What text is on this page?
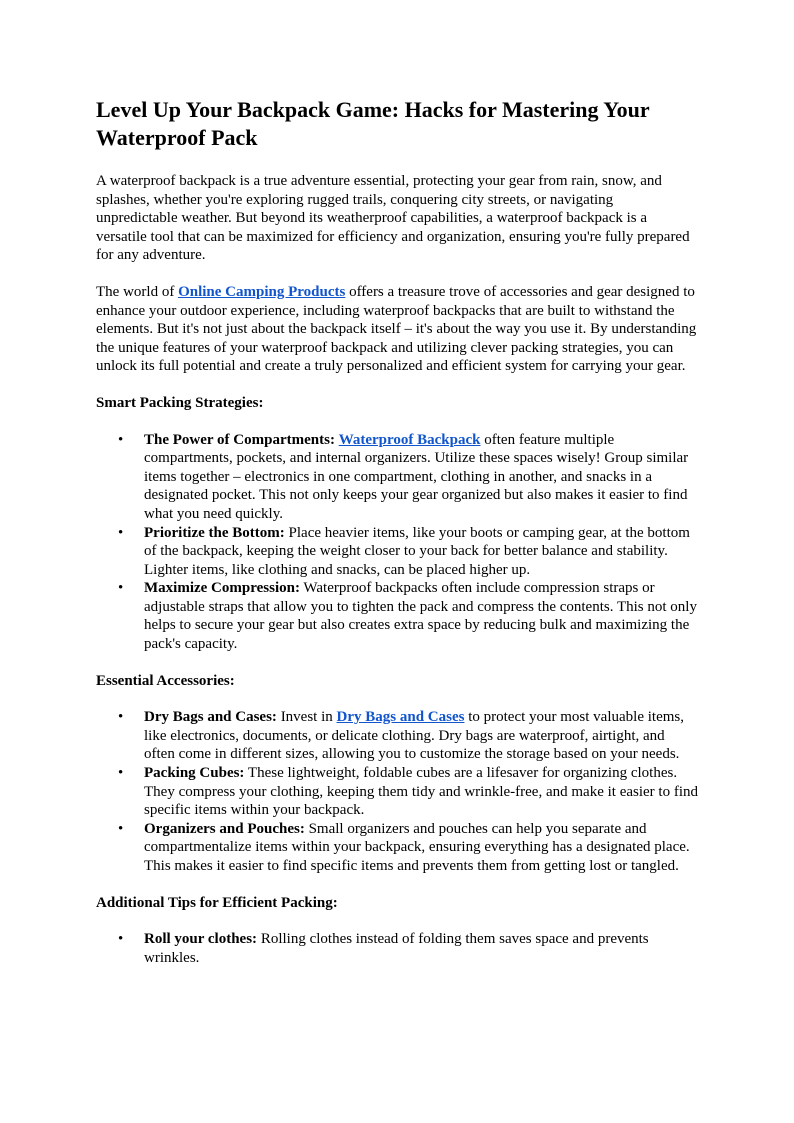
Level Up Your Backpack Game: Hacks for Mastering Your Waterproof Pack

A waterproof backpack is a true adventure essential, protecting your gear from rain, snow, and splashes, whether you're exploring rugged trails, conquering city streets, or navigating unpredictable weather. But beyond its weatherproof capabilities, a waterproof backpack is a versatile tool that can be maximized for efficiency and organization, ensuring you're fully prepared for any adventure.

The world of Online Camping Products offers a treasure trove of accessories and gear designed to enhance your outdoor experience, including waterproof backpacks that are built to withstand the elements. But it's not just about the backpack itself – it's about the way you use it. By understanding the unique features of your waterproof backpack and utilizing clever packing strategies, you can unlock its full potential and create a truly personalized and efficient system for carrying your gear.

Smart Packing Strategies:
• The Power of Compartments: Waterproof Backpack often feature multiple compartments, pockets, and internal organizers. Utilize these spaces wisely! Group similar items together – electronics in one compartment, clothing in another, and snacks in a designated pocket. This not only keeps your gear organized but also makes it easier to find what you need quickly.
• Prioritize the Bottom: Place heavier items, like your boots or camping gear, at the bottom of the backpack, keeping the weight closer to your back for better balance and stability. Lighter items, like clothing and snacks, can be placed higher up.
• Maximize Compression: Waterproof backpacks often include compression straps or adjustable straps that allow you to tighten the pack and compress the contents. This not only helps to secure your gear but also creates extra space by reducing bulk and maximizing the pack's capacity.
Essential Accessories:
• Dry Bags and Cases: Invest in Dry Bags and Cases to protect your most valuable items, like electronics, documents, or delicate clothing. Dry bags are waterproof, airtight, and often come in different sizes, allowing you to customize the storage based on your needs.
• Packing Cubes: These lightweight, foldable cubes are a lifesaver for organizing clothes. They compress your clothing, keeping them tidy and wrinkle-free, and make it easier to find specific items within your backpack.
• Organizers and Pouches: Small organizers and pouches can help you separate and compartmentalize items within your backpack, ensuring everything has a designated place. This makes it easier to find specific items and prevents them from getting lost or tangled.
Additional Tips for Efficient Packing:
• Roll your clothes: Rolling clothes instead of folding them saves space and prevents wrinkles.
